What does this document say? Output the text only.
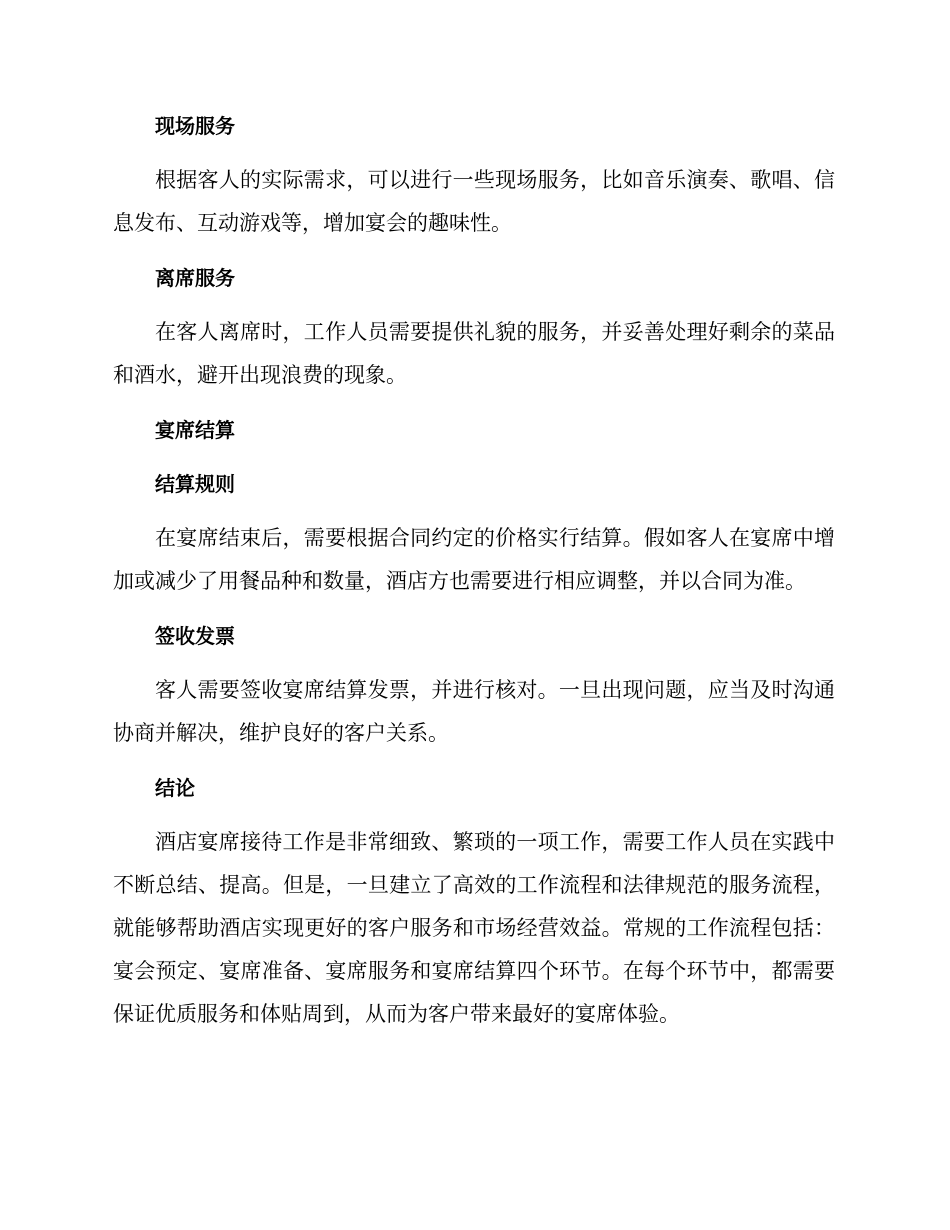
现场服务

根据客人的实际需求，可以进行一些现场服务，比如音乐演奏、歌唱、信息发布、互动游戏等，增加宴会的趣味性。

离席服务

在客人离席时，工作人员需要提供礼貌的服务，并妥善处理好剩余的菜品和酒水，避开出现浪费的现象。

宴席结算
结算规则

在宴席结束后，需要根据合同约定的价格实行结算。假如客人在宴席中增加或减少了用餐品种和数量，酒店方也需要进行相应调整，并以合同为准。

签收发票

客人需要签收宴席结算发票，并进行核对。一旦出现问题，应当及时沟通协商并解决，维护良好的客户关系。

结论

酒店宴席接待工作是非常细致、繁琐的一项工作，需要工作人员在实践中不断总结、提高。但是，一旦建立了高效的工作流程和法律规范的服务流程，就能够帮助酒店实现更好的客户服务和市场经营效益。常规的工作流程包括：宴会预定、宴席准备、宴席服务和宴席结算四个环节。在每个环节中，都需要保证优质服务和体贴周到，从而为客户带来最好的宴席体验。
